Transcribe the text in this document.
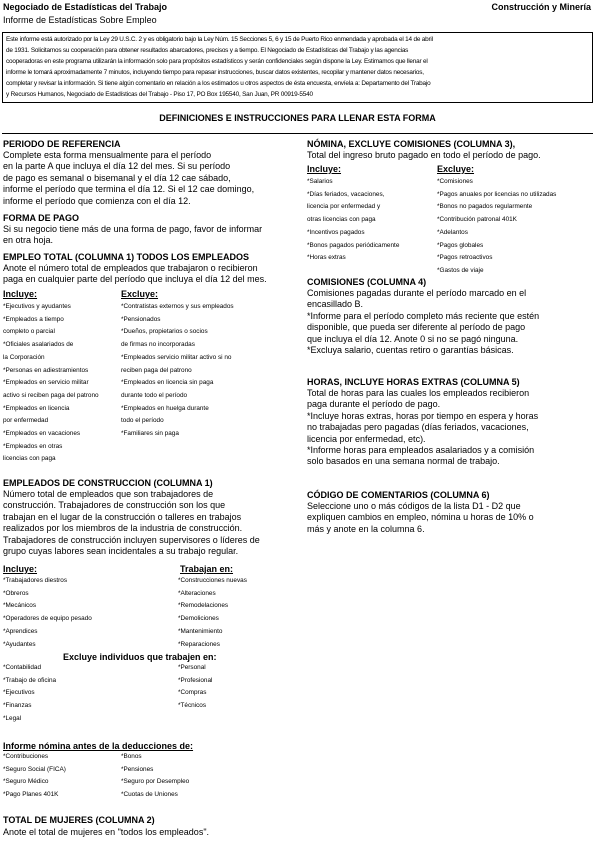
Negociado de Estadísticas del Trabajo
Informe de Estadísticas Sobre Empleo
Construcción y Minería
Este informe está autorizado por la Ley 29 U.S.C. 2 y es obligatorio bajo la Ley Núm. 15 Secciones 5, 6 y 15 de Puerto Rico enmendada y aprobada el 14 de abril
de 1931. Solicitamos su cooperación para obtener resultados abarcadores, precisos y a tiempo. El Negociado de Estadísticas del Trabajo y las agencias
cooperadoras en este programa utilizarán la información solo para propósitos estadísticos y serán confidenciales según dispone la Ley. Estimamos que llenar el
informe le tomará aproximadamente 7 minutos, incluyendo tiempo para repasar instrucciones, buscar datos existentes, recopilar y mantener datos necesarios,
completar y revisar la información. Si tiene algún comentario en relación a los estimados u otros aspectos de ésta encuesta, envíela a: Departamento del Trabajo
y Recursos Humanos, Negociado de Estadísticas del Trabajo - Piso 17, PO Box 195540, San Juan, PR 00919-5540
DEFINICIONES E INSTRUCCIONES PARA LLENAR ESTA FORMA
PERIODO DE REFERENCIA
Complete esta forma mensualmente para el período
en la parte A que incluya el día 12 del mes. Si su período
de pago es semanal o bisemanal y el día 12 cae sábado,
informe el período que termina el día 12. Si el 12 cae domingo,
informe el período que comienza con el día 12.
FORMA DE PAGO
Si su negocio tiene más de una forma de pago, favor de informar
en otra hoja.
EMPLEO TOTAL (COLUMNA 1) TODOS LOS EMPLEADOS
Anote el número total de empleados que trabajaron o recibieron
paga en cualquier parte del período que incluya el día 12 del mes.
Incluye:	Excluye:
*Ejecutivos y ayudantes
*Empleados a tiempo
completo o parcial
*Oficiales asalariados de
la Corporación
*Personas en adiestramientos
*Empleados en servicio militar
activo si reciben paga del patrono
*Empleados en licencia
por enfermedad
*Empleados en vacaciones
*Empleados en otras
licencias con paga
*Contratistas externos y sus empleados
*Pensionados
*Dueños, propietarios o socios
de firmas no incorporadas
*Empleados servicio militar activo si no
reciben paga del patrono
*Empleados en licencia sin paga
durante todo el período
*Empleados en huelga durante
todo el período
*Familiares sin paga
EMPLEADOS DE CONSTRUCCION (COLUMNA 1)
Número total de empleados que son trabajadores de
construcción. Trabajadores de construcción son los que
trabajan en el lugar de la construcción o talleres en trabajos
realizados por los miembros de la industria de construcción.
Trabajadores de construcción incluyen supervisores o líderes de
grupo cuyas labores sean incidentales a su trabajo regular.
Incluye:	Trabajan en:
*Trabajadores diestros
*Obreros
*Mecánicos
*Operadores de equipo pesado
*Aprendices
*Ayudantes
*Construcciones nuevas
*Alteraciones
*Remodelaciones
*Demoliciones
*Mantenimiento
*Reparaciones
Excluye individuos que trabajen en:
*Contabilidad
*Trabajo de oficina
*Ejecutivos
*Finanzas
*Legal
*Personal
*Profesional
*Compras
*Técnicos
Informe nómina antes de la deducciones de:
*Contribuciones
*Seguro Social (FICA)
*Seguro Médico
*Pago Planes 401K
*Bonos
*Pensiones
*Seguro por Desempleo
*Cuotas de Uniones
TOTAL DE MUJERES (COLUMNA 2)
Anote el total de mujeres en "todos los empleados".
NÓMINA, EXCLUYE COMISIONES (COLUMNA 3),
Total del ingreso bruto pagado en todo el período de pago.
Incluye:	Excluye:
*Salarios
*Días feriados, vacaciones,
licencia por enfermedad y
otras licencias con paga
*Incentivos pagados
*Bonos pagados periódicamente
*Horas extras
*Comisiones
*Pagos anuales por licencias no utilizadas
*Bonos no pagados regularmente
*Contribución patronal 401K
*Adelantos
*Pagos globales
*Pagos retroactivos
*Gastos de viaje
COMISIONES (COLUMNA 4)
Comisiones pagadas durante el período marcado en el
encasillado B.
*Informe para el período completo más reciente que estén
disponible, que pueda ser diferente al período de pago
que incluya el día 12. Anote 0 si no se pagó ninguna.
*Excluya salario, cuentas retiro o garantías básicas.
HORAS, INCLUYE HORAS EXTRAS (COLUMNA 5)
Total de horas para las cuales los empleados recibieron
paga durante el período de pago.
*Incluye horas extras, horas por tiempo en espera y horas
no trabajadas pero pagadas (días feriados, vacaciones,
licencia por enfermedad, etc).
*Informe horas para empleados asalariados y a comisión
solo basados en una semana normal de trabajo.
CÓDIGO DE COMENTARIOS (COLUMNA 6)
Seleccione uno o más códigos de la lista D1 - D2 que
expliquen cambios en empleo, nómina u horas de 10% o
más y anote en la columna 6.
